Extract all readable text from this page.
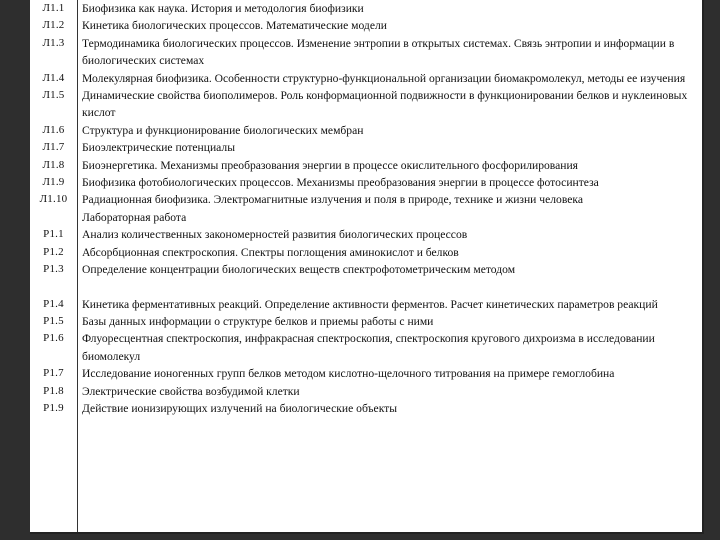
Л1.1	Биофизика как наука. История и методология биофизики
Л1.2	Кинетика биологических процессов. Математические модели
Л1.3	Термодинамика биологических процессов. Изменение энтропии в открытых системах. Связь энтропии и информации в биологических системах
Л1.4	Молекулярная биофизика. Особенности структурно-функциональной организации биомакромолекул, методы ее изучения
Л1.5	Динамические свойства биополимеров. Роль конформационной подвижности в функционировании белков и нуклеиновых кислот
Л1.6	Структура и функционирование биологических мембран
Л1.7	Биоэлектрические потенциалы
Л1.8	Биоэнергетика. Механизмы преобразования энергии в процессе окислительного фосфорилирования
Л1.9	Биофизика фотобиологических процессов. Механизмы преобразования энергии в процессе фотосинтеза
Л1.10	Радиационная биофизика. Электромагнитные излучения и поля в природе, технике и жизни человека
	Лабораторная работа
Р1.1	Анализ количественных закономерностей развития биологических процессов
Р1.2	Абсорбционная спектроскопия. Спектры поглощения аминокислот и белков
Р1.3	Определение концентрации биологических веществ спектрофотометрическим методом

Р1.4	Кинетика ферментативных реакций. Определение активности ферментов. Расчет кинетических параметров реакций
Р1.5	Базы данных информации о структуре белков и приемы работы с ними
Р1.6	Флуоресцентная спектроскопия, инфракрасная спектроскопия, спектроскопия кругового дихроизма в исследовании биомолекул
Р1.7	Исследование ионогенных групп белков методом кислотно-щелочного титрования на примере гемоглобина
Р1.8	Электрические свойства возбудимой клетки
Р1.9	Действие ионизирующих излучений на биологические объекты
